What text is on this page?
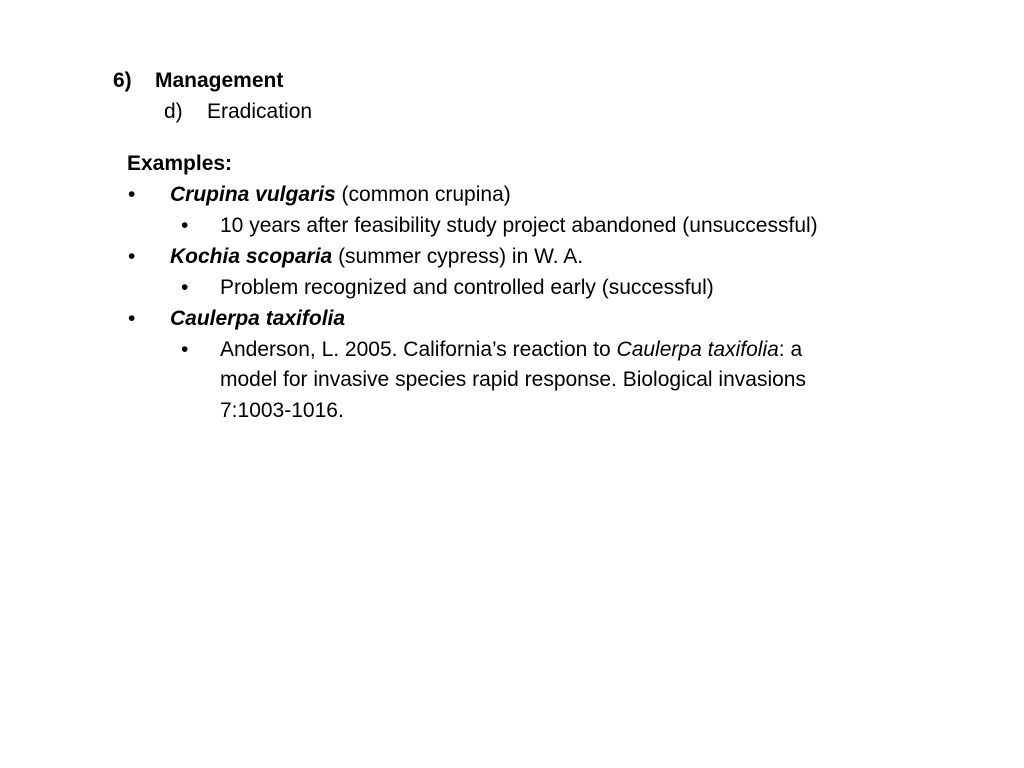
6) Management
d) Eradication
Examples:
• Crupina vulgaris (common crupina)
• 10 years after feasibility study project abandoned (unsuccessful)
• Kochia scoparia (summer cypress) in W. A.
• Problem recognized and controlled early (successful)
• Caulerpa taxifolia
• Anderson, L. 2005. California’s reaction to Caulerpa taxifolia: a
model for invasive species rapid response. Biological invasions
7:1003-1016.
